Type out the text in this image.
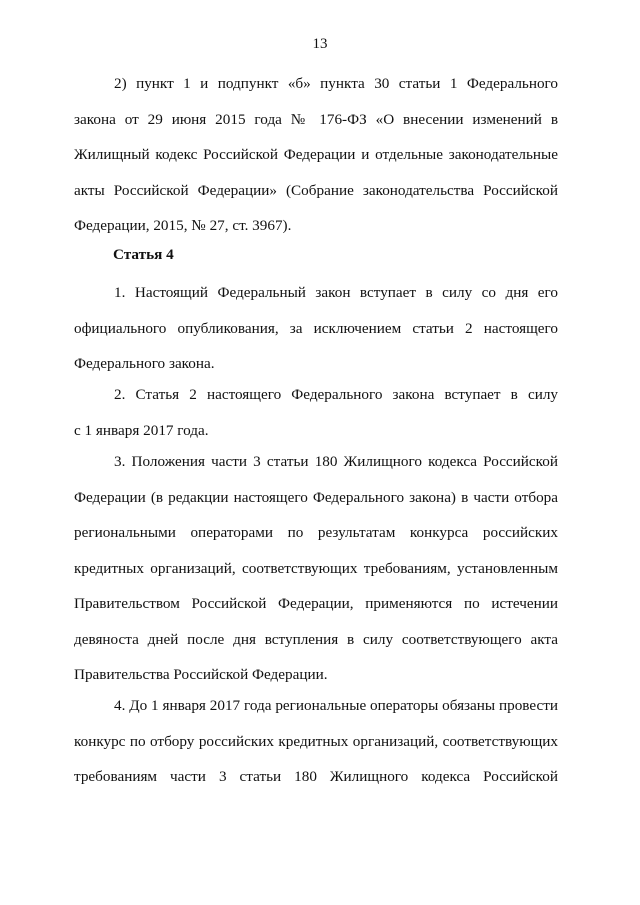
13
2) пункт 1 и подпункт «б» пункта 30 статьи 1 Федерального
закона от 29 июня 2015 года № 176-ФЗ «О внесении изменений в
Жилищный кодекс Российской Федерации и отдельные законодательные
акты Российской Федерации» (Собрание законодательства Российской
Федерации, 2015, № 27, ст. 3967).
Статья 4
1. Настоящий Федеральный закон вступает в силу со дня его
официального опубликования, за исключением статьи 2 настоящего
Федерального закона.
2. Статья 2 настоящего Федерального закона вступает в силу
с 1 января 2017 года.
3. Положения части 3 статьи 180 Жилищного кодекса Российской
Федерации (в редакции настоящего Федерального закона) в части отбора
региональными операторами по результатам конкурса российских
кредитных организаций, соответствующих требованиям, установленным
Правительством Российской Федерации, применяются по истечении
девяноста дней после дня вступления в силу соответствующего акта
Правительства Российской Федерации.
4. До 1 января 2017 года региональные операторы обязаны провести
конкурс по отбору российских кредитных организаций, соответствующих
требованиям части 3 статьи 180 Жилищного кодекса Российской
